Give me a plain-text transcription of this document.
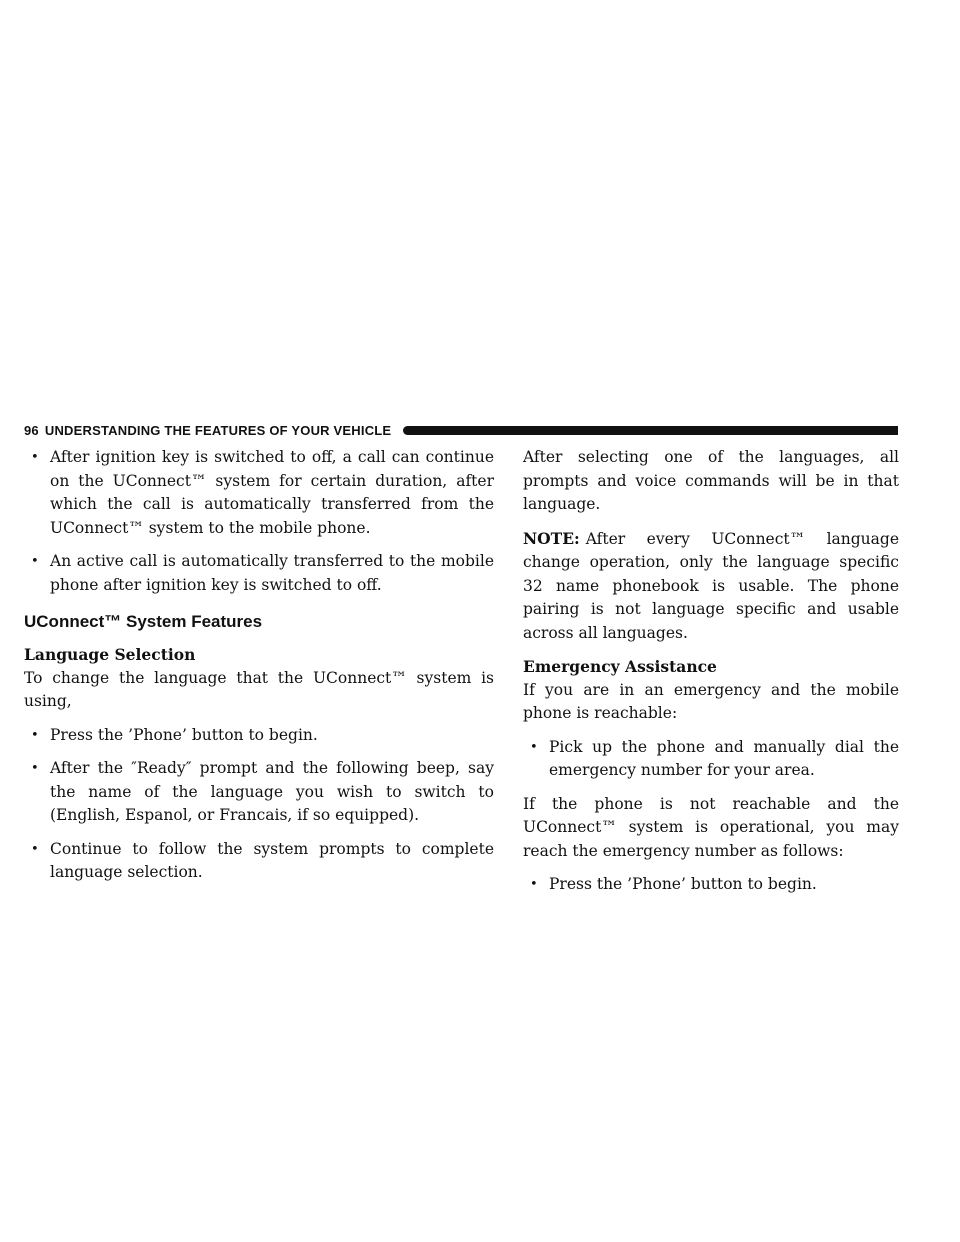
96 UNDERSTANDING THE FEATURES OF YOUR VEHICLE
• After ignition key is switched to off, a call can continue on the UConnect™ system for certain duration, after which the call is automatically transferred from the UConnect™ system to the mobile phone.
• An active call is automatically transferred to the mobile phone after ignition key is switched to off.
UConnect™ System Features
Language Selection

To change the language that the UConnect™ system is using,

• Press the ’Phone’ button to begin.
• After the ″Ready″ prompt and the following beep, say the name of the language you wish to switch to (English, Espanol, or Francais, if so equipped).
• Continue to follow the system prompts to complete language selection.

After selecting one of the languages, all prompts and voice commands will be in that language.

NOTE: After every UConnect™ language change operation, only the language specific 32 name phonebook is usable. The phone pairing is not language specific and usable across all languages.

Emergency Assistance

If you are in an emergency and the mobile phone is reachable:

• Pick up the phone and manually dial the emergency number for your area.

If the phone is not reachable and the UConnect™ system is operational, you may reach the emergency number as follows:

• Press the ’Phone’ button to begin.
